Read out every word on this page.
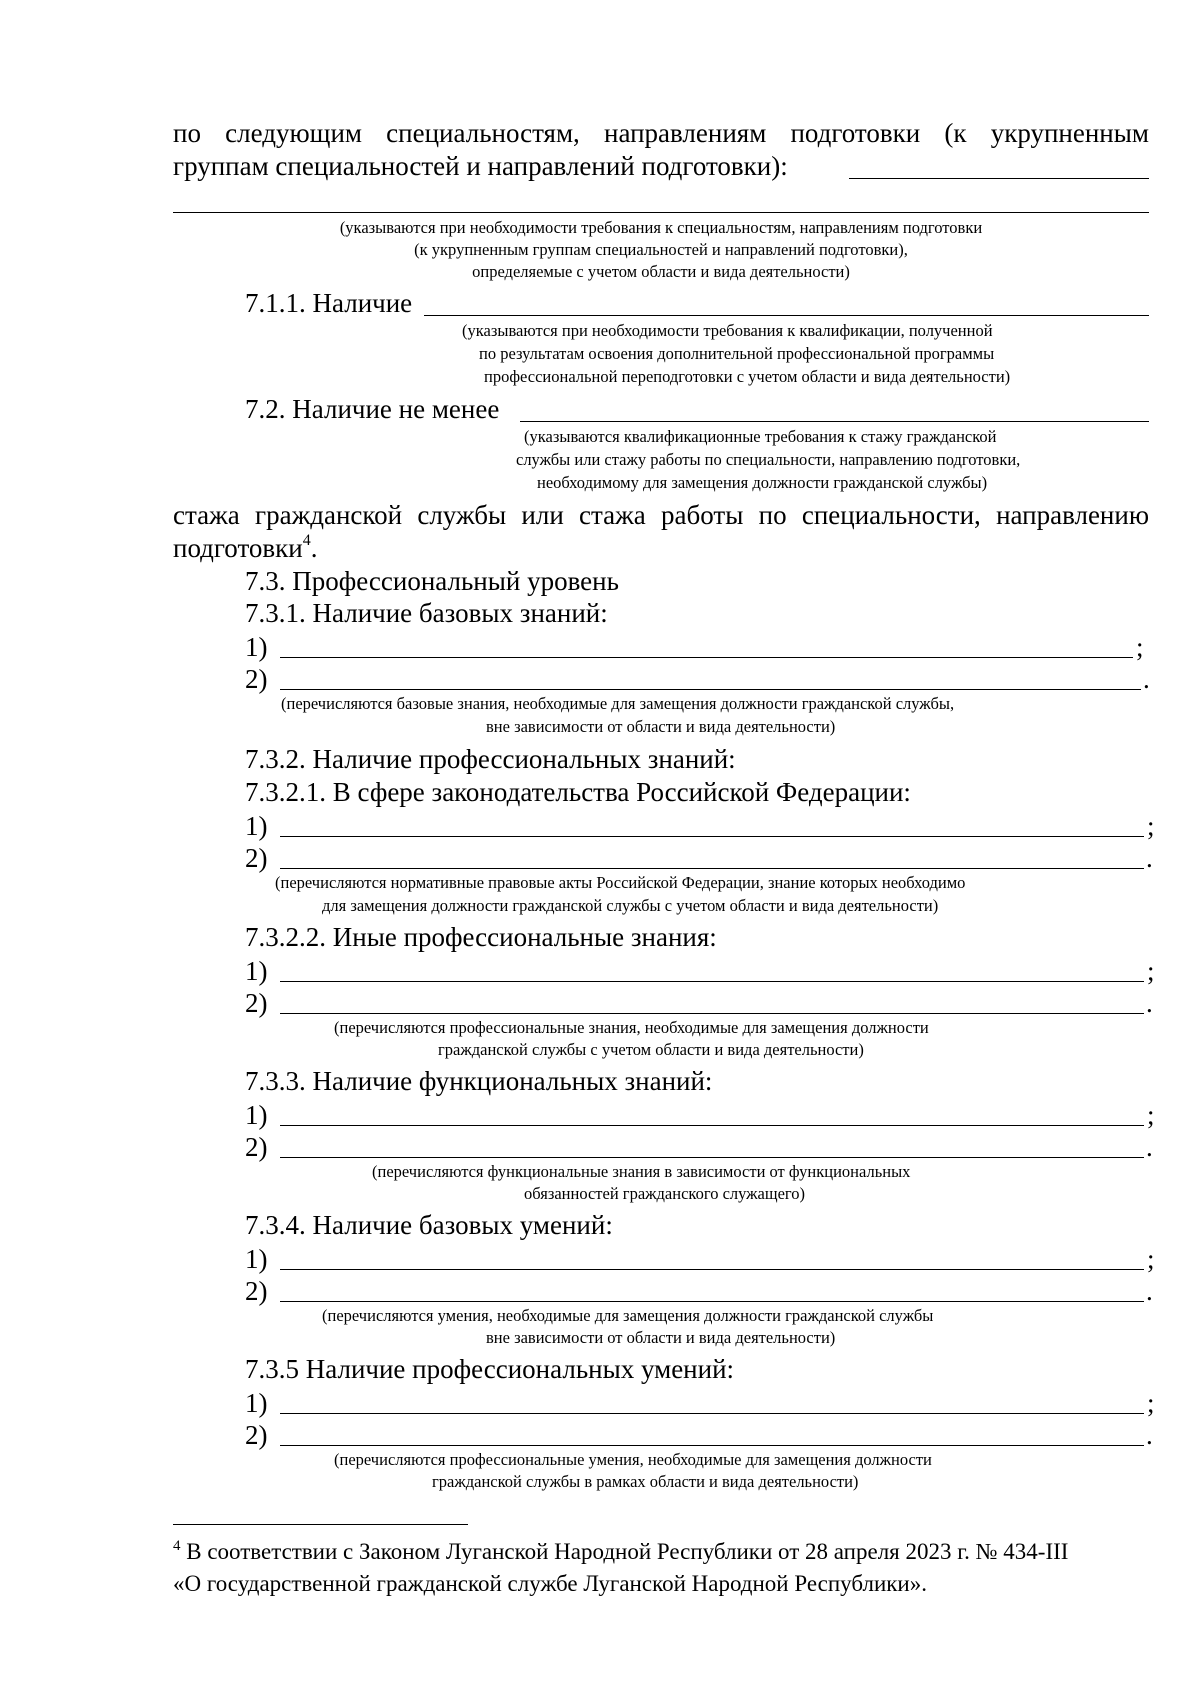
по следующим специальностям, направлениям подготовки (к укрупненным
группам специальностей и направлений подготовки):
(указываются при необходимости требования к специальностям, направлениям подготовки
(к укрупненным группам специальностей и направлений подготовки),
определяемые с учетом области и вида деятельности)
7.1.1. Наличие
(указываются при необходимости требования к квалификации, полученной
по результатам освоения дополнительной профессиональной программы
профессиональной переподготовки с учетом области и вида деятельности)
7.2. Наличие не менее
(указываются квалификационные требования к стажу гражданской
службы или стажу работы по специальности, направлению подготовки,
необходимому для замещения должности гражданской службы)
стажа гражданской службы или стажа работы по специальности, направлению
подготовки$^4$.
7.3. Профессиональный уровень
7.3.1. Наличие базовых знаний:
1)	;
2)	.
(перечисляются базовые знания, необходимые для замещения должности гражданской службы,
вне зависимости от области и вида деятельности)
7.3.2. Наличие профессиональных знаний:
7.3.2.1. В сфере законодательства Российской Федерации:
1)	;
2)	.
(перечисляются нормативные правовые акты Российской Федерации, знание которых необходимо
для замещения должности гражданской службы с учетом области и вида деятельности)
7.3.2.2. Иные профессиональные знания:
1)	;
2)	.
(перечисляются профессиональные знания, необходимые для замещения должности
гражданской службы с учетом области и вида деятельности)
7.3.3. Наличие функциональных знаний:
1)	;
2)	.
(перечисляются функциональные знания в зависимости от функциональных
обязанностей гражданского служащего)
7.3.4. Наличие базовых умений:
1)	;
2)	.
(перечисляются умения, необходимые для замещения должности гражданской службы
вне зависимости от области и вида деятельности)
7.3.5 Наличие профессиональных умений:
1)	;
2)	.
(перечисляются профессиональные умения, необходимые для замещения должности
гражданской службы в рамках области и вида деятельности)
$^4$ В соответствии с Законом Луганской Народной Республики от 28 апреля 2023 г. № 434-III
«О государственной гражданской службе Луганской Народной Республики».
